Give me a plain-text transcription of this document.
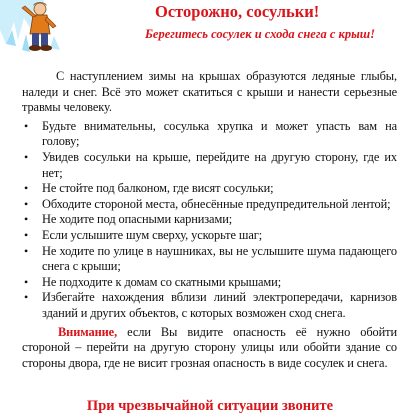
Осторожно, сосульки!
Берегитесь сосулек и схода снега с крыш!

С наступлением зимы на крышах образуются ледяные глыбы, наледи и снег. Всё это может скатиться с крыши и нанести серьезные травмы человеку.

• Будьте внимательны, сосулька хрупка и может упасть вам на голову;
• Увидев сосульки на крыше, перейдите на другую сторону, где их нет;
• Не стойте под балконом, где висят сосульки;
• Обходите стороной места, обнесённые предупредительной лентой;
• Не ходите под опасными карнизами;
• Если услышите шум сверху, ускорьте шаг;
• Не ходите по улице в наушниках, вы не услышите шума падающего снега с крыши;
• Не подходите к домам со скатными крышами;
• Избегайте нахождения вблизи линий электропередачи, карнизов зданий и других объектов, с которых возможен сход снега.

Внимание, если Вы видите опасность её нужно обойти стороной – перейти на другую сторону улицы или обойти здание со стороны двора, где не висит грозная опасность в виде сосулек и снега.

При чрезвычайной ситуации звоните
